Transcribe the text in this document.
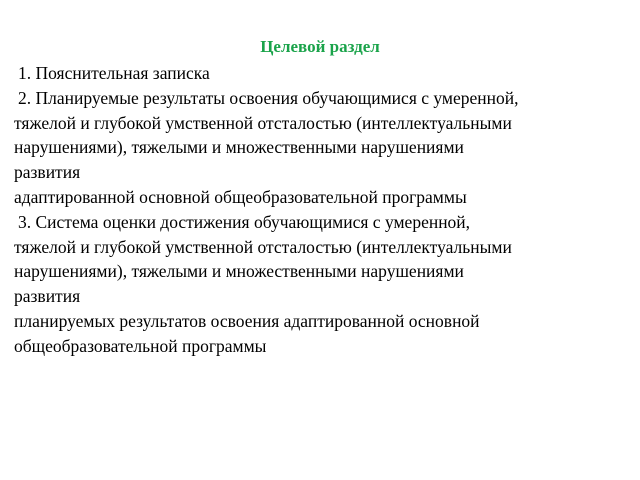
Целевой раздел
1. Пояснительная записка
2. Планируемые результаты освоения обучающимися с умеренной,
тяжелой и глубокой умственной отсталостью (интеллектуальными
нарушениями), тяжелыми и множественными нарушениями
развития
адаптированной основной общеобразовательной программы
3. Система оценки достижения обучающимися с умеренной,
тяжелой и глубокой умственной отсталостью (интеллектуальными
нарушениями), тяжелыми и множественными нарушениями
развития
планируемых результатов освоения адаптированной основной
общеобразовательной программы
